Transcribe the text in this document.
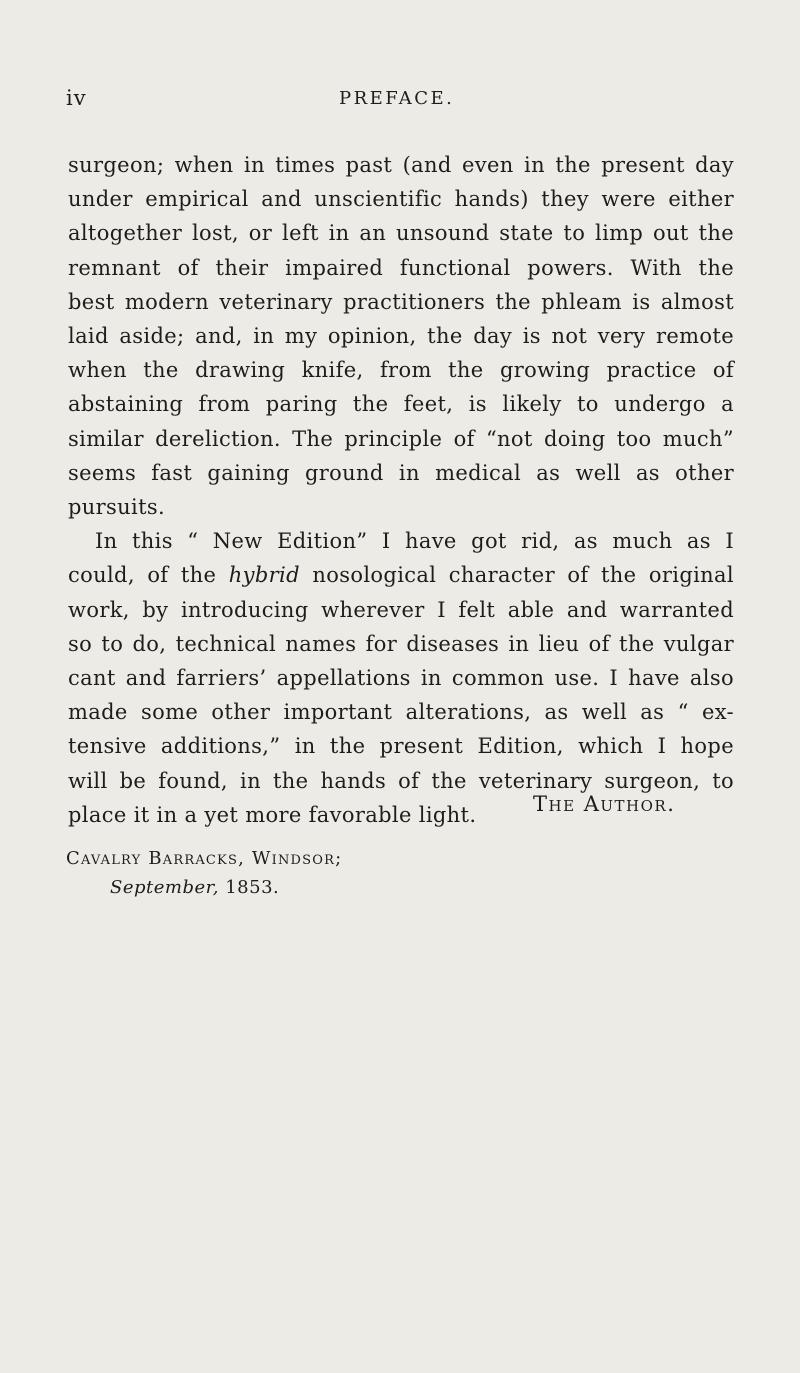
iv	PREFACE.

surgeon; when in times past (and even in the present day

under empirical and unscientific hands) they were either

altogether lost, or left in an unsound state to limp out the

remnant of their impaired functional powers. With the

best modern veterinary practitioners the phleam is almost

laid aside; and, in my opinion, the day is not very remote

when the drawing knife, from the growing practice of

abstaining from paring the feet, is likely to undergo a

similar dereliction. The principle of “not doing too much”

seems fast gaining ground in medical as well as other

pursuits.

In this “ New Edition” I have got rid, as much as I

could, of the hybrid nosological character of the original

work, by introducing wherever I felt able and warranted

so to do, technical names for diseases in lieu of the vulgar

cant and farriers’ appellations in common use. I have also

made some other important alterations, as well as “ ex-

tensive additions,” in the present Edition, which I hope

will be found, in the hands of the veterinary surgeon, to

place it in a yet more favorable light.	The Author.
Cavalry Barracks, Windsor;
September, 1853.
